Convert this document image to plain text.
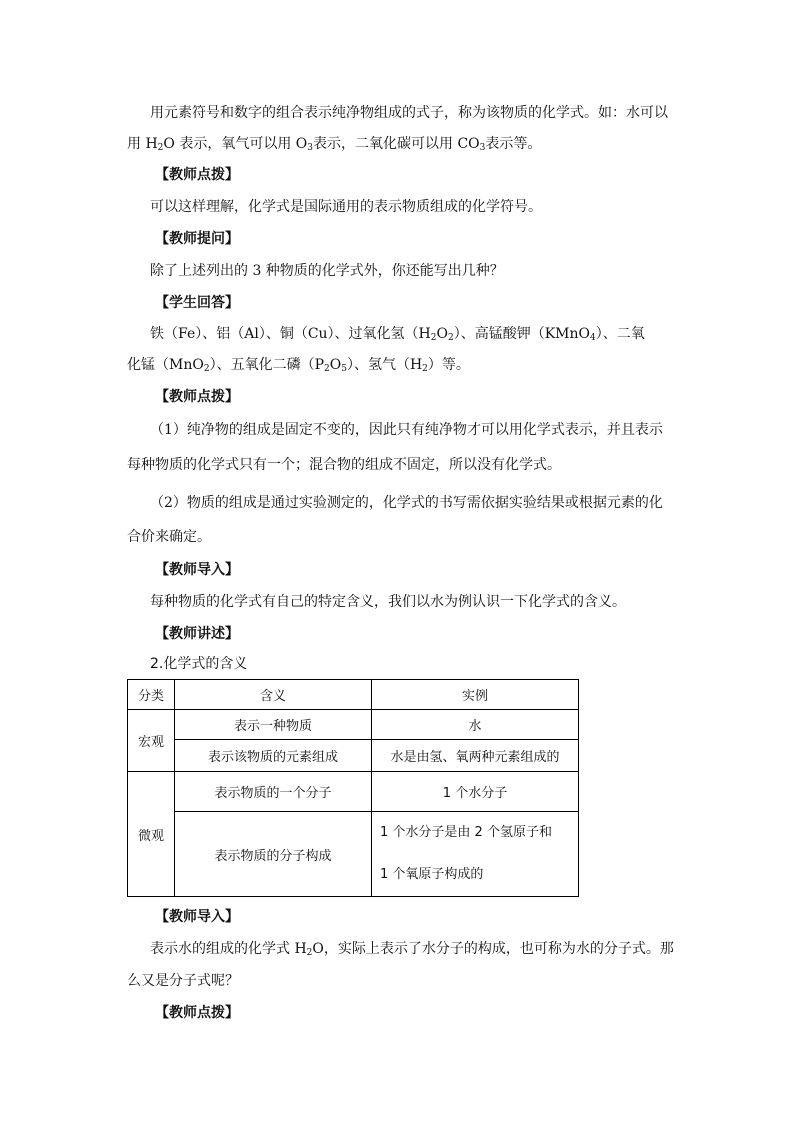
用元素符号和数字的组合表示纯净物组成的式子，称为该物质的化学式。如：水可以
用 $H_2O$ 表示，氧气可以用 $O_3$表示，二氧化碳可以用 $CO_3$表示等。
【教师点拨】
可以这样理解，化学式是国际通用的表示物质组成的化学符号。
【教师提问】
除了上述列出的 3 种物质的化学式外，你还能写出几种？
【学生回答】
铁（Fe）、铝（Al）、铜（Cu）、过氧化氢$(H_2O_2)$、高锰酸钾（KMnO$_4$）、二氧
化锰（MnO$_2$）、五氧化二磷$(P_2O_5)$、氢气$(H_2)$等。
【教师点拨】
（1）纯净物的组成是固定不变的，因此只有纯净物才可以用化学式表示，并且表示
每种物质的化学式只有一个；混合物的组成不固定，所以没有化学式。
（2）物质的组成是通过实验测定的，化学式的书写需依据实验结果或根据元素的化
合价来确定。
【教师导入】
每种物质的化学式有自己的特定含义，我们以水为例认识一下化学式的含义。
【教师讲述】
2.化学式的含义
分类	含义	实例
宏观	表示一种物质	水
	表示该物质的元素组成	水是由氢、氧两种元素组成的
微观	表示物质的一个分子	1 个水分子
	表示物质的分子构成	1 个水分子是由 2 个氢原子和
1 个氧原子构成的
【教师导入】
表示水的组成的化学式 $H_2O$，实际上表示了水分子的构成，也可称为水的分子式。那
么又是分子式呢？
【教师点拨】
